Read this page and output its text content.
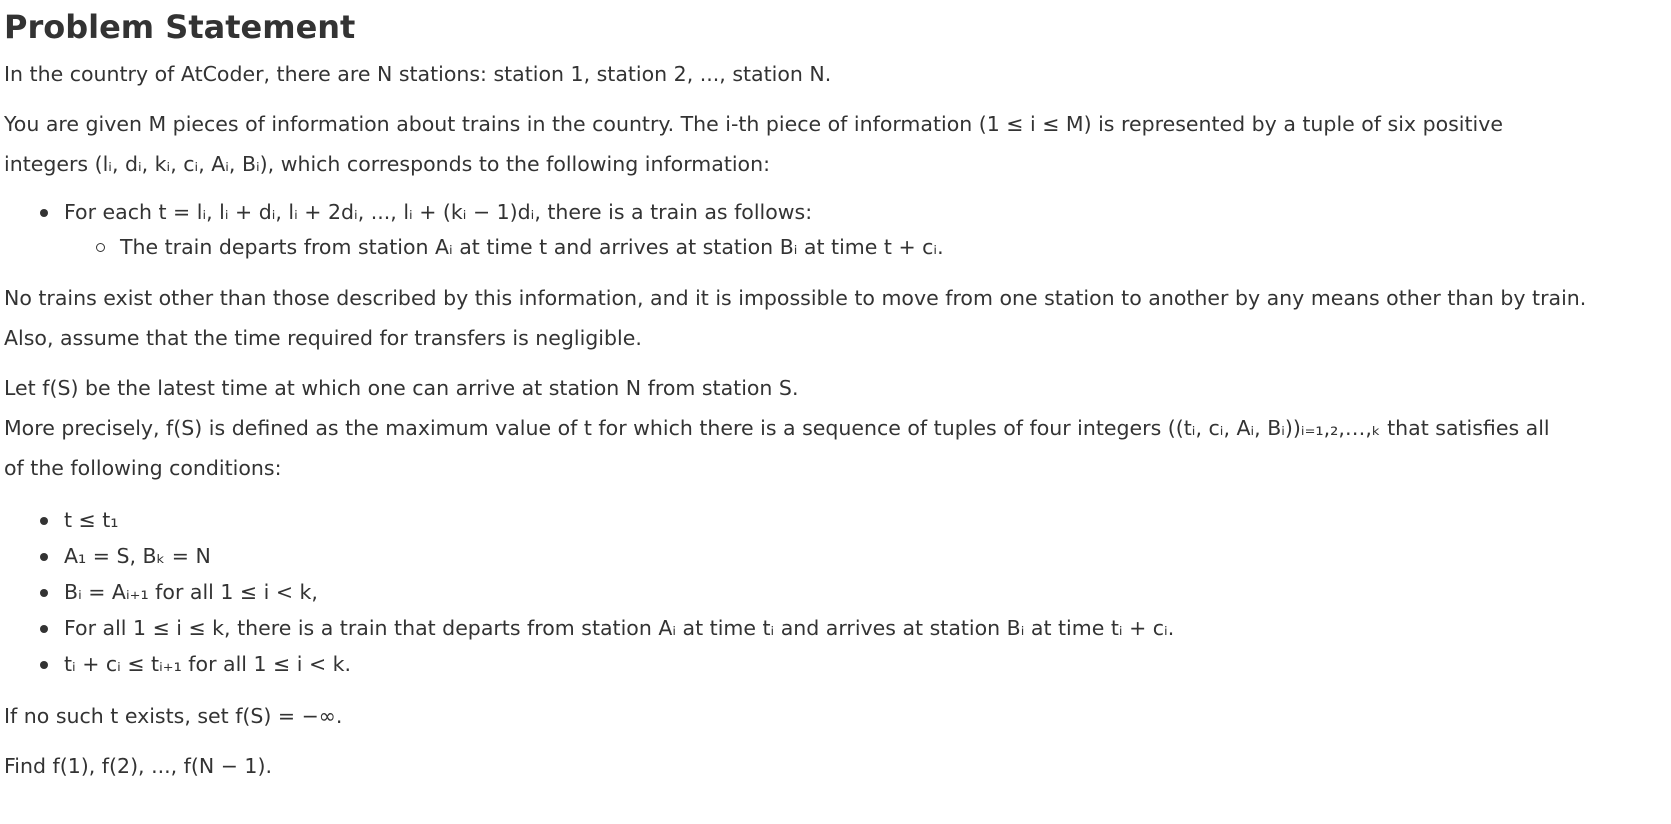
Problem Statement

In the country of AtCoder, there are N stations: station 1, station 2, ..., station N.

You are given M pieces of information about trains in the country. The i-th piece of information (1 ≤ i ≤ M) is represented by a tuple of six positive

integers (lᵢ, dᵢ, kᵢ, cᵢ, Aᵢ, Bᵢ), which corresponds to the following information:

For each t = lᵢ, lᵢ + dᵢ, lᵢ + 2dᵢ, ..., lᵢ + (kᵢ − 1)dᵢ, there is a train as follows:
The train departs from station Aᵢ at time t and arrives at station Bᵢ at time t + cᵢ.

No trains exist other than those described by this information, and it is impossible to move from one station to another by any means other than by train.

Also, assume that the time required for transfers is negligible.

Let f(S) be the latest time at which one can arrive at station N from station S.

More precisely, f(S) is defined as the maximum value of t for which there is a sequence of tuples of four integers ((tᵢ, cᵢ, Aᵢ, Bᵢ))ᵢ₌₁,₂,…,ₖ that satisfies all

of the following conditions:

t ≤ t₁
A₁ = S, Bₖ = N
Bᵢ = Aᵢ₊₁ for all 1 ≤ i < k,
For all 1 ≤ i ≤ k, there is a train that departs from station Aᵢ at time tᵢ and arrives at station Bᵢ at time tᵢ + cᵢ.
tᵢ + cᵢ ≤ tᵢ₊₁ for all 1 ≤ i < k.

If no such t exists, set f(S) = −∞.

Find f(1), f(2), ..., f(N − 1).
